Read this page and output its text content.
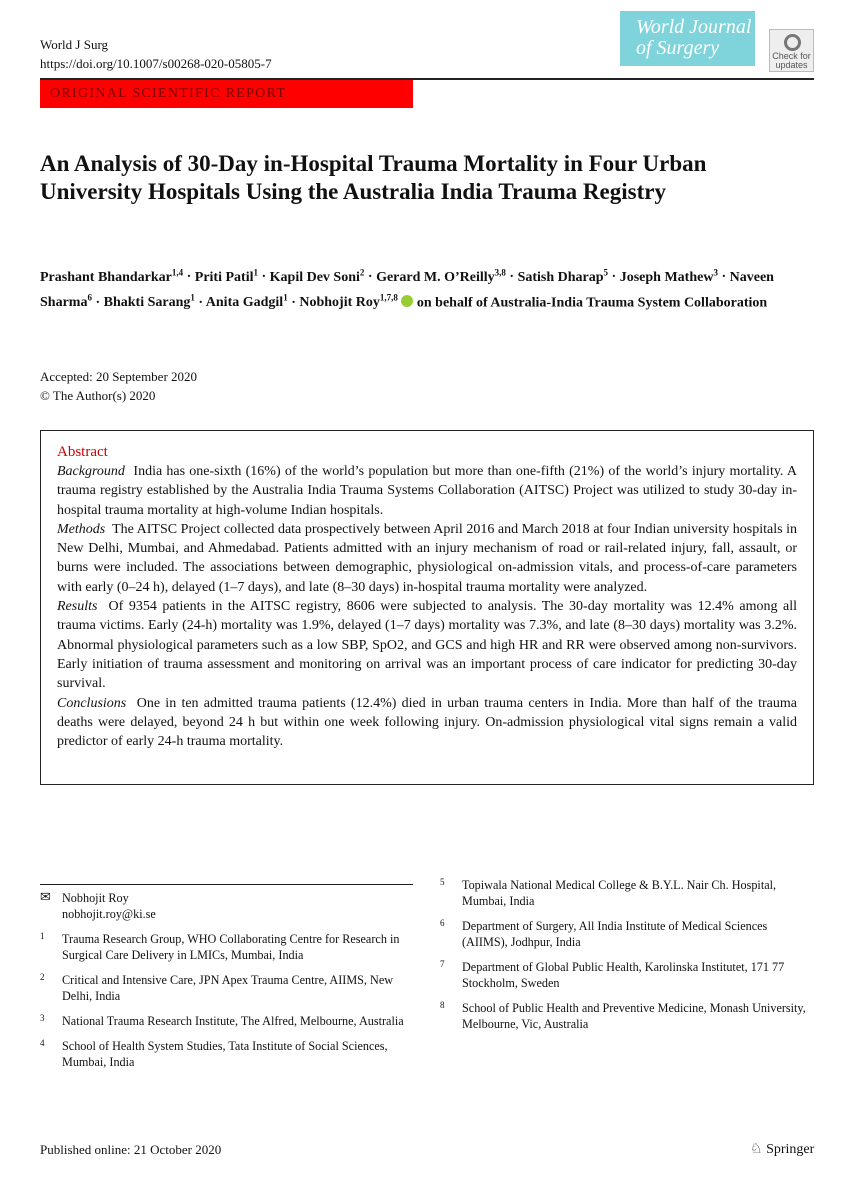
World J Surg
https://doi.org/10.1007/s00268-020-05805-7
World Journal
of Surgery	Check for updates
ORIGINAL SCIENTIFIC REPORT
An Analysis of 30-Day in-Hospital Trauma Mortality in Four Urban University Hospitals Using the Australia India Trauma Registry
Prashant Bhandarkar$^{1,4}$ · Priti Patil$^1$ · Kapil Dev Soni$^2$ · Gerard M. O’Reilly$^{3,8}$ · Satish Dharap$^5$ · Joseph Mathew$^3$ · Naveen Sharma$^6$ · Bhakti Sarang$^1$ · Anita Gadgil$^1$ · Nobhojit Roy$^{1,7,8}$ on behalf of Australia-India Trauma System Collaboration
Accepted: 20 September 2020
© The Author(s) 2020
Abstract
Background India has one-sixth (16%) of the world’s population but more than one-fifth (21%) of the world’s injury mortality. A trauma registry established by the Australia India Trauma Systems Collaboration (AITSC) Project was utilized to study 30-day in-hospital trauma mortality at high-volume Indian hospitals.
Methods The AITSC Project collected data prospectively between April 2016 and March 2018 at four Indian university hospitals in New Delhi, Mumbai, and Ahmedabad. Patients admitted with an injury mechanism of road or rail-related injury, fall, assault, or burns were included. The associations between demographic, physiological on-admission vitals, and process-of-care parameters with early (0–24 h), delayed (1–7 days), and late (8–30 days) in-hospital trauma mortality were analyzed.
Results Of 9354 patients in the AITSC registry, 8606 were subjected to analysis. The 30-day mortality was 12.4% among all trauma victims. Early (24-h) mortality was 1.9%, delayed (1–7 days) mortality was 7.3%, and late (8–30 days) mortality was 3.2%. Abnormal physiological parameters such as a low SBP, SpO2, and GCS and high HR and RR were observed among non-survivors. Early initiation of trauma assessment and monitoring on arrival was an important process of care indicator for predicting 30-day survival.
Conclusions One in ten admitted trauma patients (12.4%) died in urban trauma centers in India. More than half of the trauma deaths were delayed, beyond 24 h but within one week following injury. On-admission physiological vital signs remain a valid predictor of early 24-h trauma mortality.
✉ Nobhojit Roy
nobhojit.roy@ki.se
1 Trauma Research Group, WHO Collaborating Centre for Research in Surgical Care Delivery in LMICs, Mumbai, India
2 Critical and Intensive Care, JPN Apex Trauma Centre, AIIMS, New Delhi, India
3 National Trauma Research Institute, The Alfred, Melbourne, Australia
4 School of Health System Studies, Tata Institute of Social Sciences, Mumbai, India
5 Topiwala National Medical College & B.Y.L. Nair Ch. Hospital, Mumbai, India
6 Department of Surgery, All India Institute of Medical Sciences (AIIMS), Jodhpur, India
7 Department of Global Public Health, Karolinska Institutet, 171 77 Stockholm, Sweden
8 School of Public Health and Preventive Medicine, Monash University, Melbourne, Vic, Australia
Published online: 21 October 2020	♘ Springer
